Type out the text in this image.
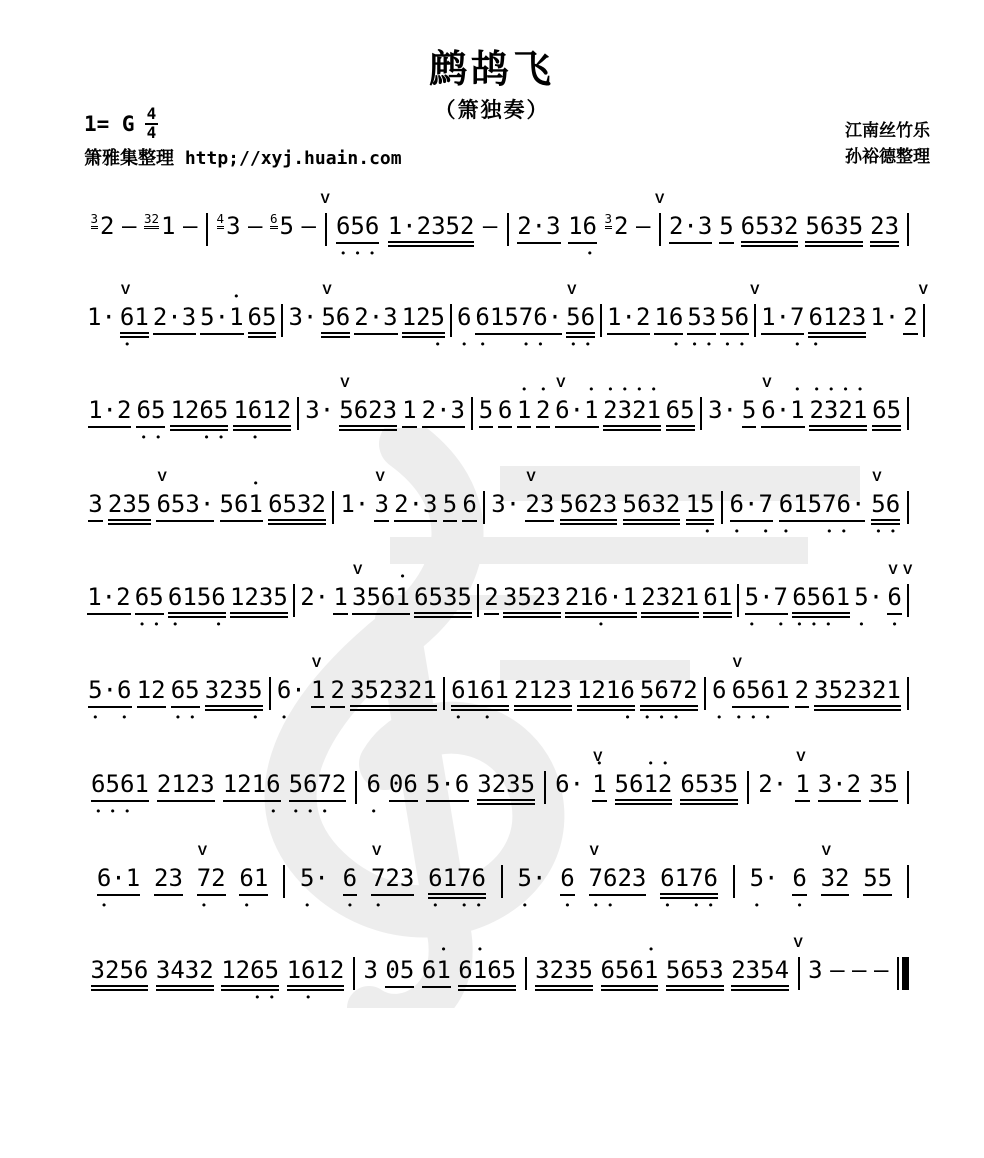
鹧鸪飞
（箫独奏）
1= G $\frac{4}{4}$
箫雅集整理 http;//xyj.huain.com
江南丝竹乐
孙裕德整理
32 — 321 — 43 — 65 —
V
6 •5 •6 • 1·2352 — 2·3 16 • 32 —
V
2·3 5 6532 5635 23
1·
V
6 •1 2·3 5·• 1 65 3·
V
56 2·3 125 • 6 • 6 •157 •6 •·
V
5 •6 • 1·2 16 • 5 •3 • 5 •6 •
V
1·7 • 6 •123 1· 2
V
1·2 6 •5 • 126 •5 • 16 •12 3·
V
5623 1 2·3 5 6 • 1 • 2
V
6·• 1 • 2• 3• 2• 1 65 3· 5
V
6·• 1 • 2• 3• 2• 1 65
3 235
V
653· 56• 1 6532 1·
V
3 2·3 5 6 3·
V
23 5623 5632 15 • 6 •·7 • 6 •157 •6 •·
V
5 •6 •
1·2 6 •5 • 6 •156 • 1235 2· 1
V
356• 1 6535 2 3523 216 •·1 2321 61 5 •·7 • 6 •5 •6 •1 5 •·
V
6 •
V
5 •·6 • 12 6 •5 • 3235 • 6 •·
V
1 2 352321 6 •16 •1 2123 1216 • 5 •6 •7 •2 6 •
V
6 •5 •6 •1 2 352321
6 •5 •6 •1 2123 1216 • 5 •6 •7 •2 6 • 06 5·6 3235 6·
V
• 1 56• 1• 2 6535 2·
V
1 3·2 35
6 •·1 23
V
7 •2 6 •1 5 •· 6 •
V
7 •23 6 •17 •6 • 5 •· 6 •
V
7 •6 •23 6 •17 •6 • 5 •· 6 •
V
32 55
3256 3432 126 •5 • 16 •12 3 05 6• 1 6• 165 3235 656• 1 5653 2354
V
3 — — —
